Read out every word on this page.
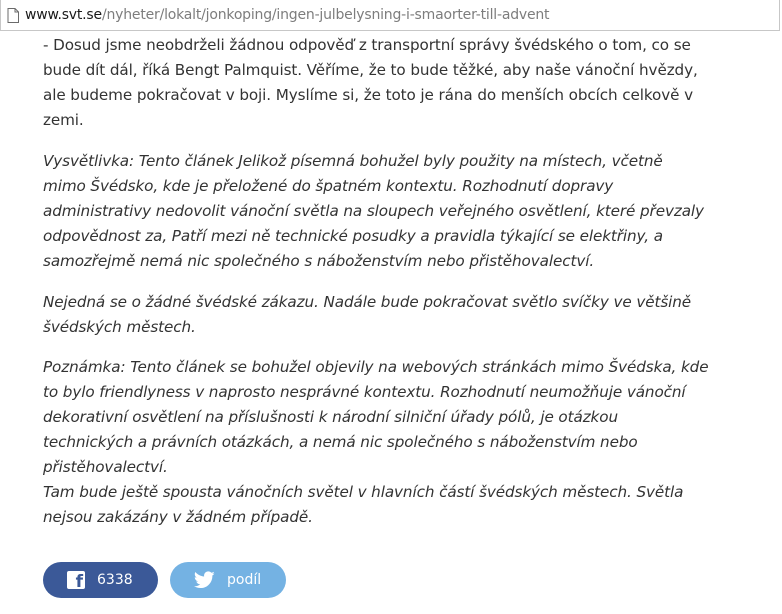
www.svt.se/nyheter/lokalt/jonkoping/ingen-julbelysning-i-smaorter-till-advent

- Dosud jsme neobdrželi žádnou odpověď z transportní správy švédského o tom, co se
bude dít dál, říká Bengt Palmquist. Věříme, že to bude těžké, aby naše vánoční hvězdy,
ale budeme pokračovat v boji. Myslíme si, že toto je rána do menších obcích celkově v
zemi.

Vysvětlivka: Tento článek Jelikož písemná bohužel byly použity na místech, včetně
mimo Švédsko, kde je přeložené do špatném kontextu. Rozhodnutí dopravy
administrativy nedovolit vánoční světla na sloupech veřejného osvětlení, které převzaly
odpovědnost za, Patří mezi ně technické posudky a pravidla týkající se elektřiny, a
samozřejmě nemá nic společného s náboženstvím nebo přistěhovalectví.

Nejedná se o žádné švédské zákazu. Nadále bude pokračovat světlo svíčky ve většině
švédských městech.

Poznámka: Tento článek se bohužel objevily na webových stránkách mimo Švédska, kde
to bylo friendlyness v naprosto nesprávné kontextu. Rozhodnutí neumožňuje vánoční
dekorativní osvětlení na příslušnosti k národní silniční úřady pólů, je otázkou
technických a právních otázkách, a nemá nic společného s náboženstvím nebo
přistěhovalectví.

Tam bude ještě spousta vánočních světel v hlavních částí švédských městech. Světla
nejsou zakázány v žádném případě.

f 6338	podíl
